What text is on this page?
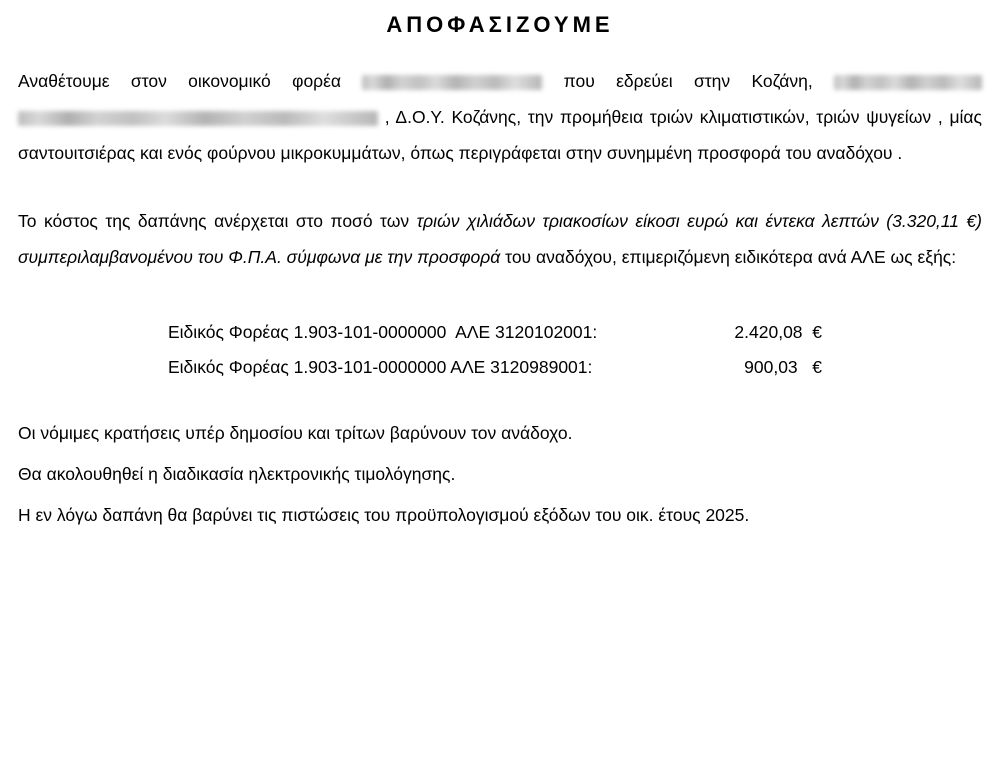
ΑΠΟΦΑΣΙΖΟΥΜΕ

Αναθέτουμε στον οικονομικό φορέα	που εδρεύει στην Κοζάνη,    , Δ.Ο.Υ. Κοζάνης, την προμήθεια τριών κλιματιστικών, τριών ψυγείων , μίας σαντουιτσιέρας και ενός φούρνου μικροκυμμάτων, όπως περιγράφεται στην συνημμένη προσφορά του αναδόχου .

Το κόστος της δαπάνης ανέρχεται στο ποσό των τριών χιλιάδων τριακοσίων είκοσι ευρώ και έντεκα λεπτών (3.320,11 €) συμπεριλαμβανομένου του Φ.Π.Α. σύμφωνα με την προσφορά του αναδόχου, επιμεριζόμενη ειδικότερα ανά ΑΛΕ ως εξής:

Ειδικός Φορέας 1.903-101-0000000  ΑΛΕ 3120102001:	2.420,08  €
Ειδικός Φορέας 1.903-101-0000000 ΑΛΕ 3120989001:	900,03   €

Οι νόμιμες κρατήσεις υπέρ δημοσίου και τρίτων βαρύνουν τον ανάδοχο.

Θα ακολουθηθεί η διαδικασία ηλεκτρονικής τιμολόγησης.

Η εν λόγω δαπάνη θα βαρύνει τις πιστώσεις του προϋπολογισμού εξόδων του οικ. έτους 2025.
